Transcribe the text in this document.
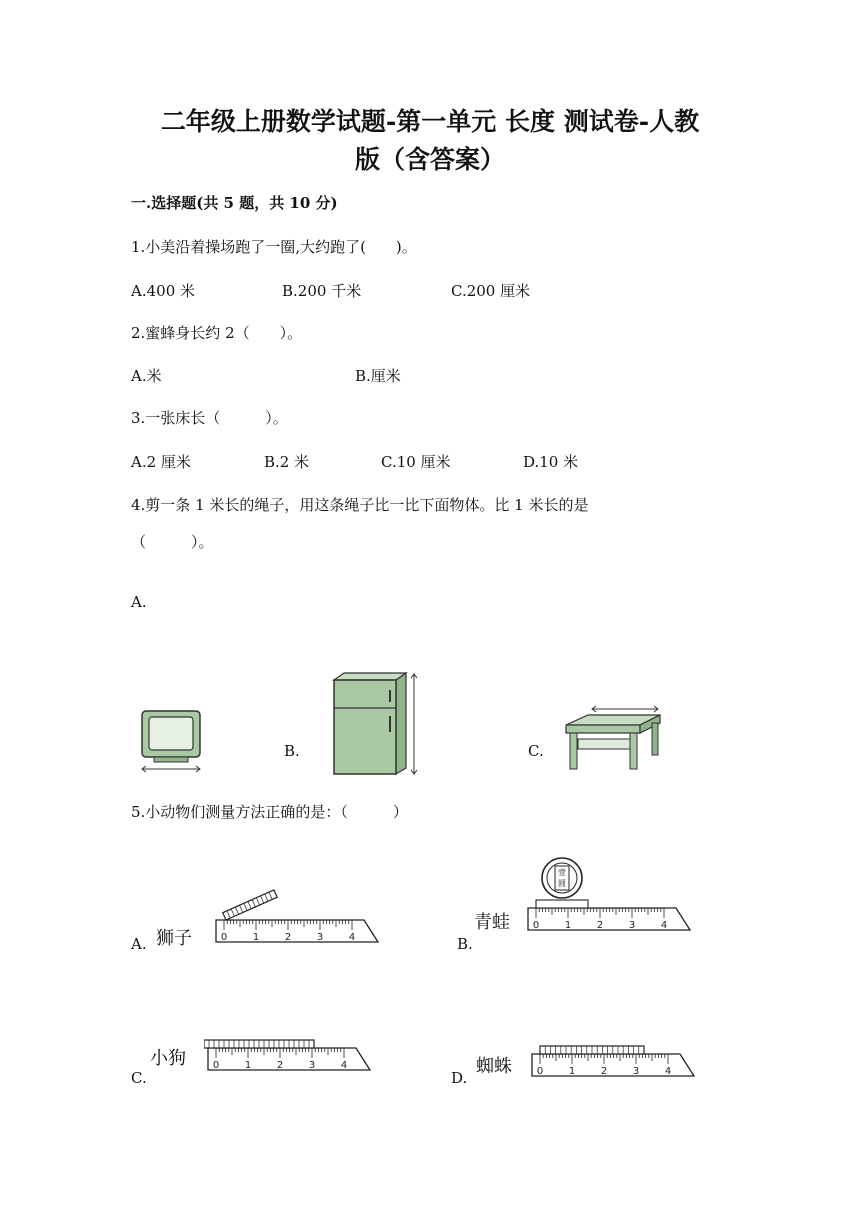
二年级上册数学试题-第一单元 长度 测试卷-人教
版（含答案）
一.选择题(共 5 题，共 10 分)
1.小美沿着操场跑了一圈,大约跑了(　　)。
A.400 米	B.200 千米	C.200 厘米
2.蜜蜂身长约 2（　　）。
A.米	B.厘米
3.一张床长（　　　）。
A.2 厘米	B.2 米	C.10 厘米	D.10 米
4.剪一条 1 米长的绳子，用这条绳子比一比下面物体。比 1 米长的是
（　　　）。
A.
B.	C.
5.小动物们测量方法正确的是：（　　　）
A. 狮子	0	1	2	3	4	B.
青蛙 0	1	2	3	4
壹
圆
C.
小狗	0	1	2	3	4
D.
蜘蛛 0	1	2	3	4
